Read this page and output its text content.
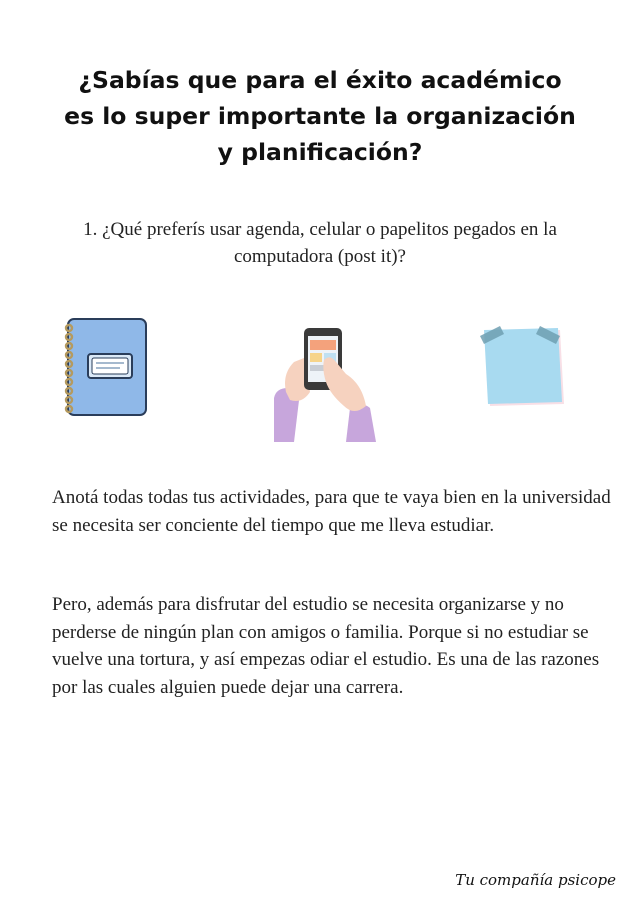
¿Sabías que para el éxito académico es lo super importante la organización y planificación?

1. ¿Qué preferís usar agenda, celular o papelitos pegados en la computadora (post it)?

Anotá todas todas tus actividades, para que te vaya bien en la universidad se necesita ser conciente del tiempo que me lleva estudiar.

Pero, además para disfrutar del estudio se necesita organizarse y no perderse de ningún plan con amigos o familia. Porque si no estudiar se vuelve una tortura, y así empezas odiar el estudio. Es una de las razones por las cuales alguien puede dejar una carrera.

Tu compañía psicope
